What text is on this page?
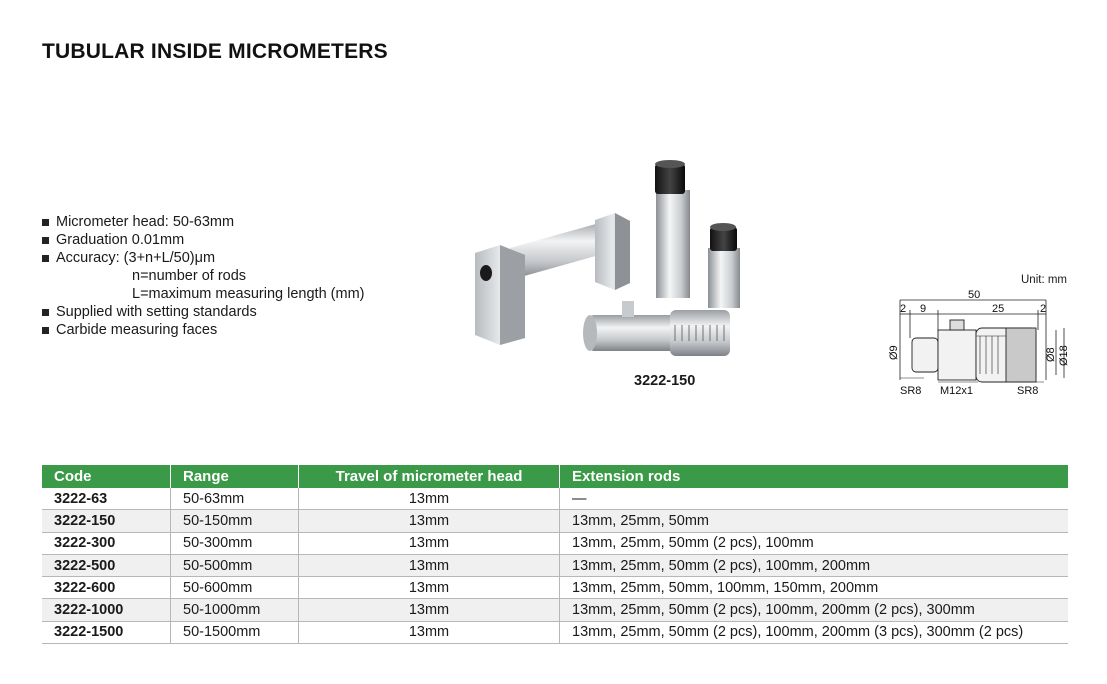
TUBULAR INSIDE MICROMETERS
Micrometer head: 50-63mm
Graduation 0.01mm
Accuracy: (3+n+L/50)μm
n=number of rods
L=maximum measuring length (mm)
Supplied with setting standards
Carbide measuring faces
3222-150
Unit: mm
50
2 9	25	2
Ø9	Ø8 Ø18
SR8 M12x1	SR8
Code	Range	Travel of micrometer head	Extension rods
3222-63	50-63mm	13mm	—
3222-150	50-150mm	13mm	13mm, 25mm, 50mm
3222-300	50-300mm	13mm	13mm, 25mm, 50mm (2 pcs), 100mm
3222-500	50-500mm	13mm	13mm, 25mm, 50mm (2 pcs), 100mm, 200mm
3222-600	50-600mm	13mm	13mm, 25mm, 50mm, 100mm, 150mm, 200mm
3222-1000	50-1000mm	13mm	13mm, 25mm, 50mm (2 pcs), 100mm, 200mm (2 pcs), 300mm
3222-1500	50-1500mm	13mm	13mm, 25mm, 50mm (2 pcs), 100mm, 200mm (3 pcs), 300mm (2 pcs)
